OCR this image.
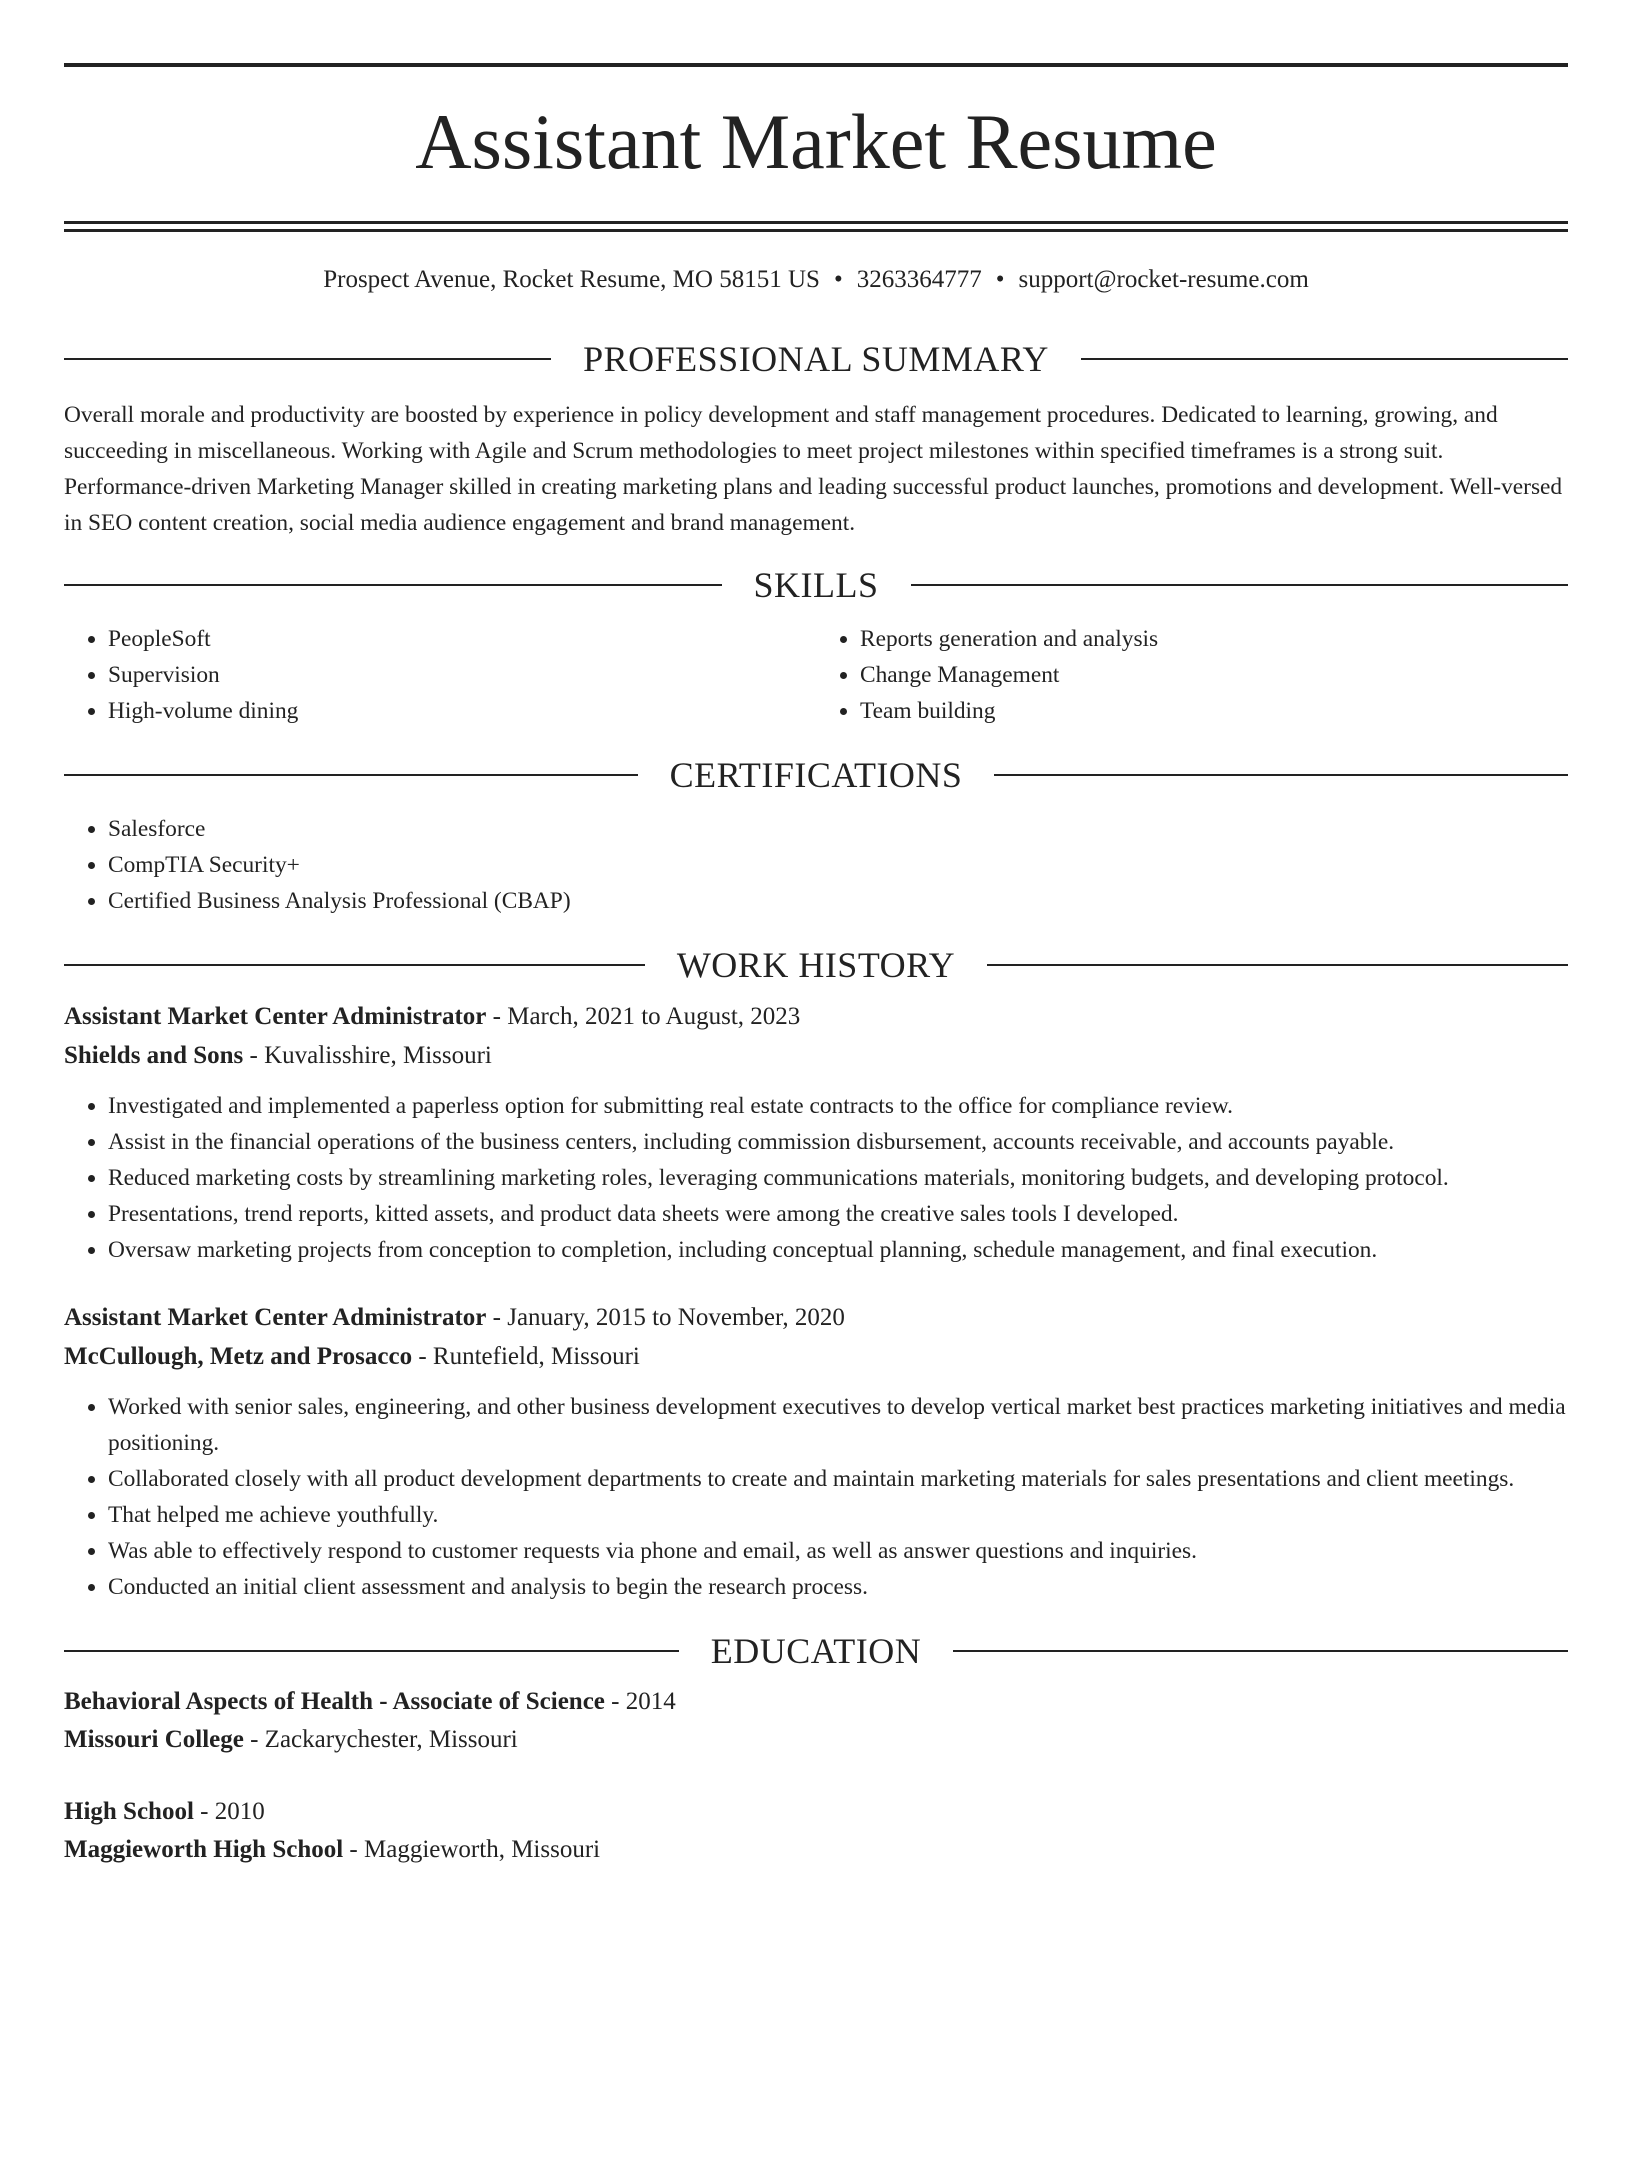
Assistant Market Resume
Prospect Avenue, Rocket Resume, MO 58151 US • 3263364777 • support@rocket-resume.com
PROFESSIONAL SUMMARY

Overall morale and productivity are boosted by experience in policy development and staff management procedures. Dedicated to learning, growing, and succeeding in miscellaneous. Working with Agile and Scrum methodologies to meet project milestones within specified timeframes is a strong suit. Performance-driven Marketing Manager skilled in creating marketing plans and leading successful product launches, promotions and development. Well-versed in SEO content creation, social media audience engagement and brand management.

SKILLS
• PeopleSoft
• Supervision
• High-volume dining
• Reports generation and analysis
• Change Management
• Team building
CERTIFICATIONS
• Salesforce
• CompTIA Security+
• Certified Business Analysis Professional (CBAP)
WORK HISTORY
Assistant Market Center Administrator - March, 2021 to August, 2023
Shields and Sons - Kuvalisshire, Missouri
• Investigated and implemented a paperless option for submitting real estate contracts to the office for compliance review.
• Assist in the financial operations of the business centers, including commission disbursement, accounts receivable, and accounts payable.
• Reduced marketing costs by streamlining marketing roles, leveraging communications materials, monitoring budgets, and developing protocol.
• Presentations, trend reports, kitted assets, and product data sheets were among the creative sales tools I developed.
• Oversaw marketing projects from conception to completion, including conceptual planning, schedule management, and final execution.
Assistant Market Center Administrator - January, 2015 to November, 2020
McCullough, Metz and Prosacco - Runtefield, Missouri
• Worked with senior sales, engineering, and other business development executives to develop vertical market best practices marketing initiatives and media positioning.
• Collaborated closely with all product development departments to create and maintain marketing materials for sales presentations and client meetings.
• That helped me achieve youthfully.
• Was able to effectively respond to customer requests via phone and email, as well as answer questions and inquiries.
• Conducted an initial client assessment and analysis to begin the research process.
EDUCATION
Behavioral Aspects of Health - Associate of Science - 2014
Missouri College - Zackarychester, Missouri
High School - 2010
Maggieworth High School - Maggieworth, Missouri
